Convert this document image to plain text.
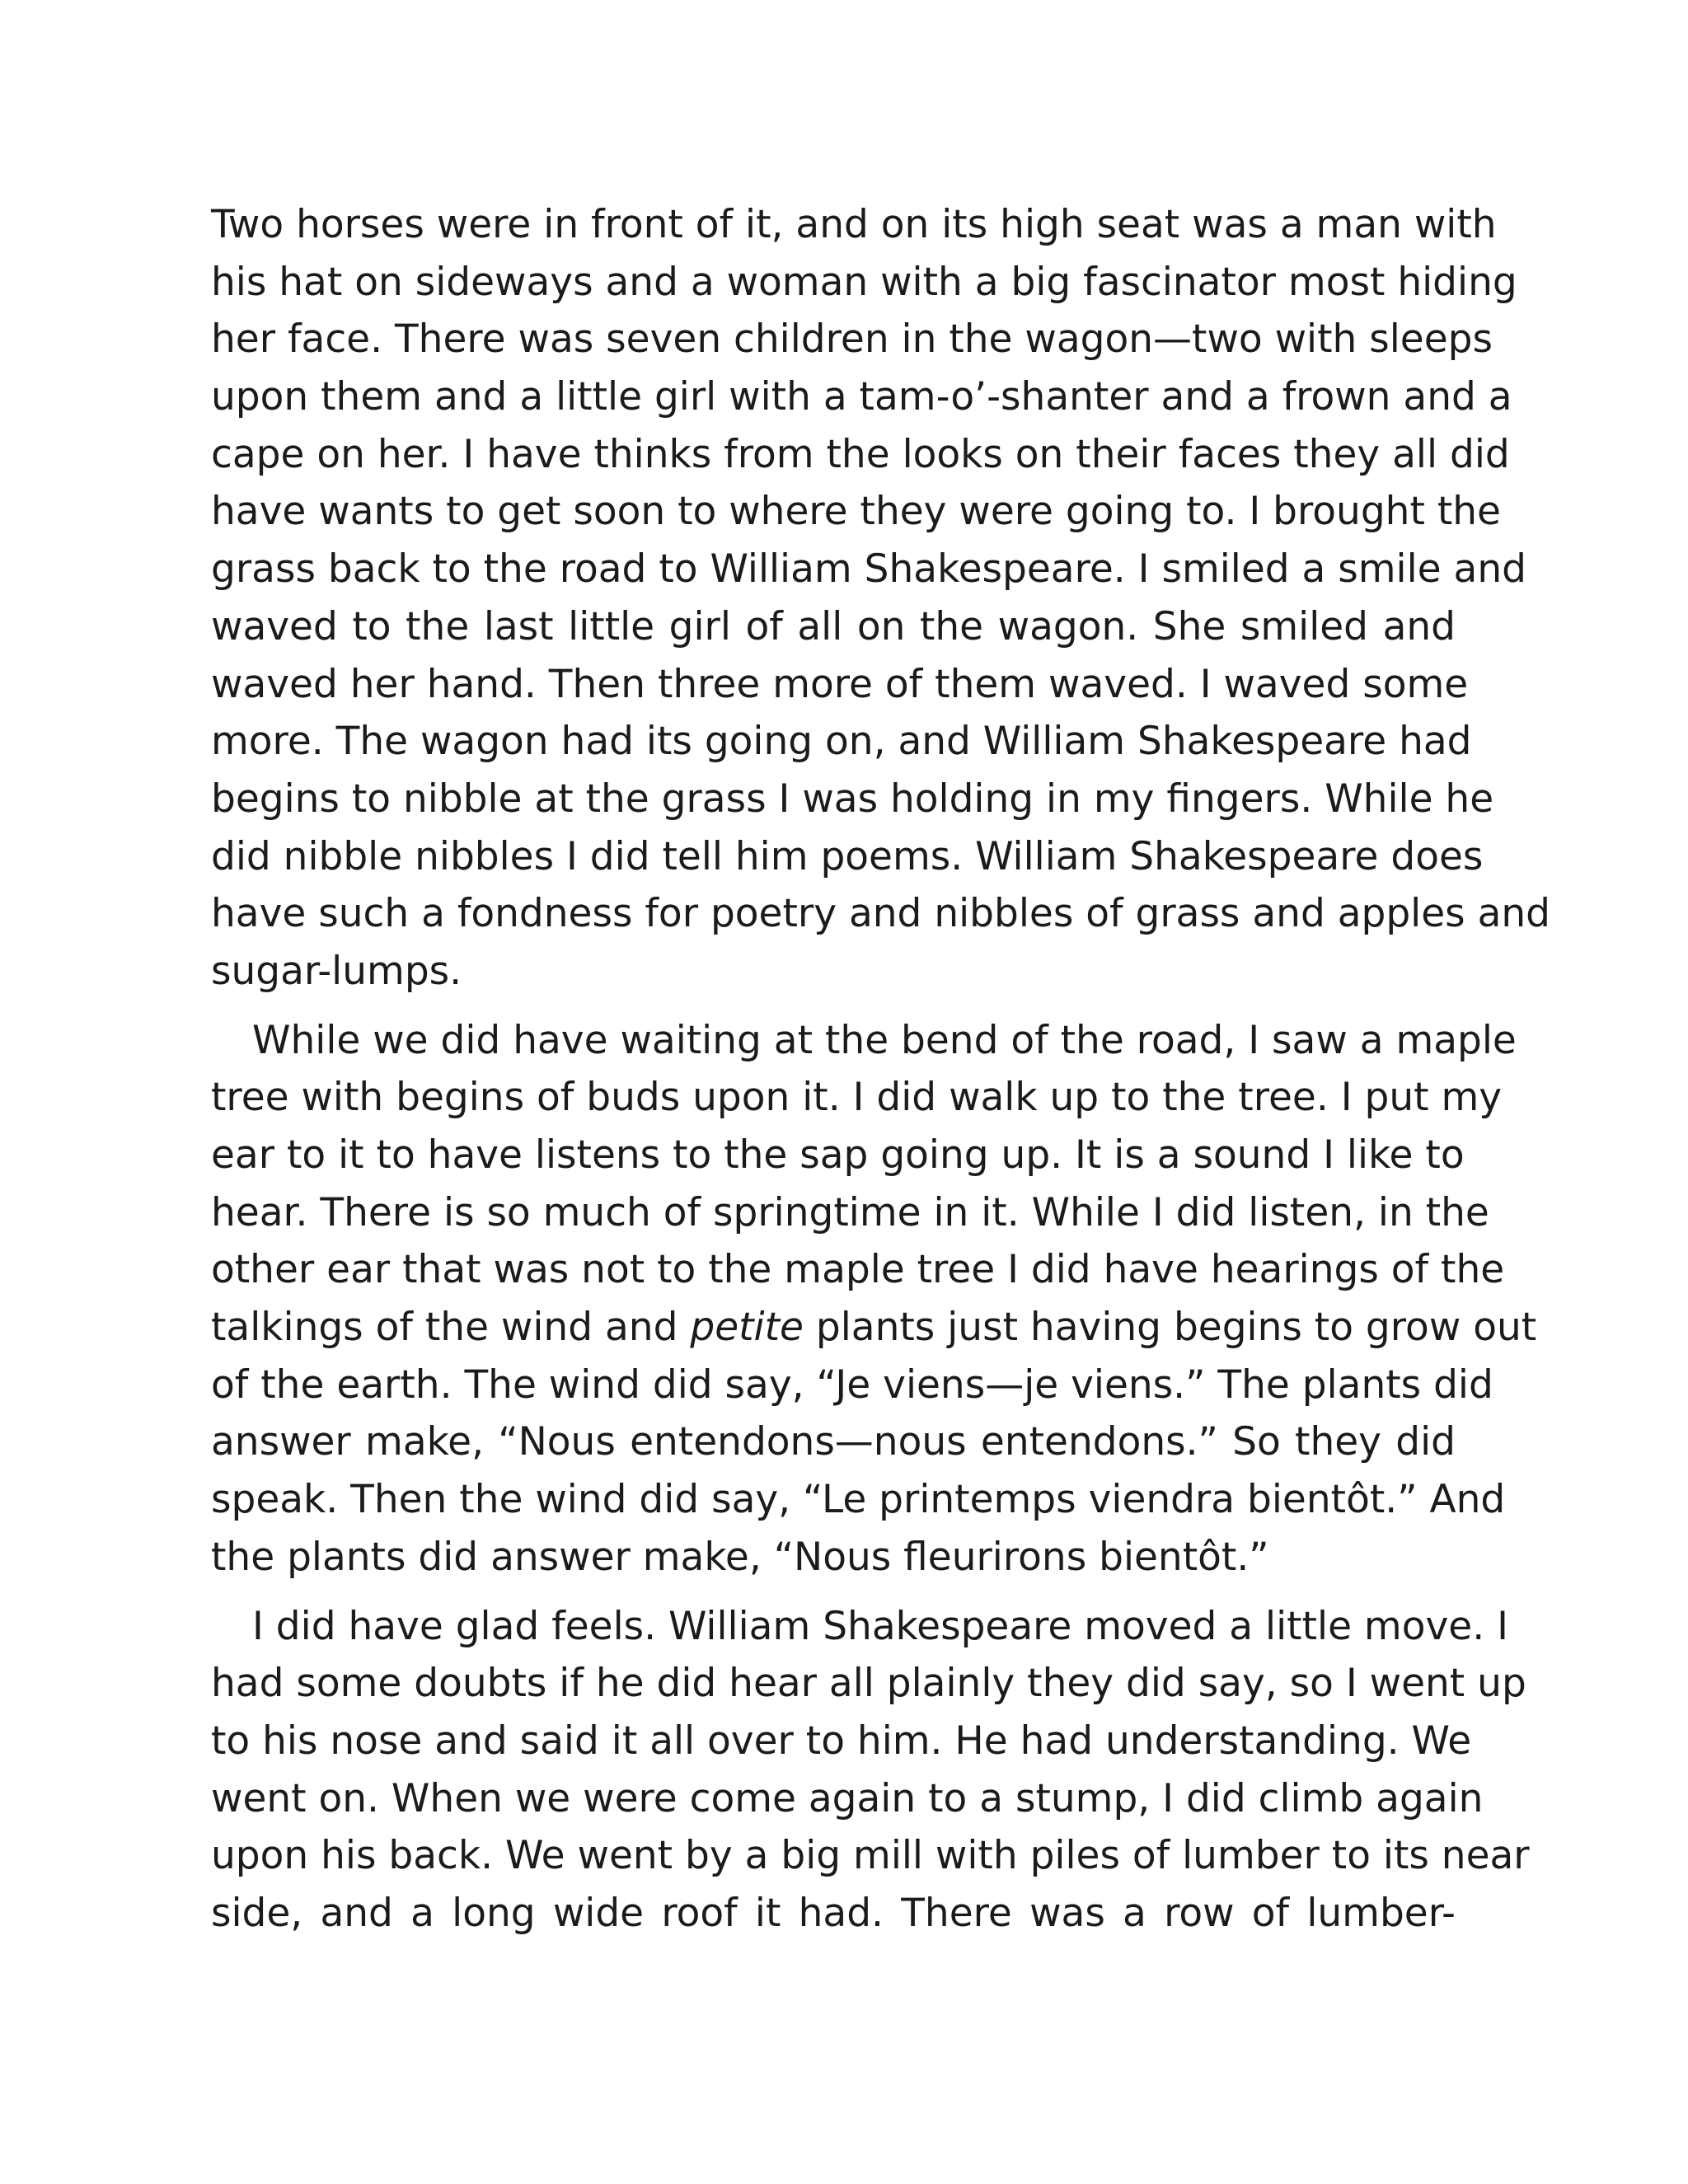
Two horses were in front of it, and on its high seat was a man with
his hat on sideways and a woman with a big fascinator most hiding
her face. There was seven children in the wagon—two with sleeps
upon them and a little girl with a tam-o’-shanter and a frown and a
cape on her. I have thinks from the looks on their faces they all did
have wants to get soon to where they were going to. I brought the
grass back to the road to William Shakespeare. I smiled a smile and
waved to the last little girl of all on the wagon. She smiled and
waved her hand. Then three more of them waved. I waved some
more. The wagon had its going on, and William Shakespeare had
begins to nibble at the grass I was holding in my fingers. While he
did nibble nibbles I did tell him poems. William Shakespeare does
have such a fondness for poetry and nibbles of grass and apples and
sugar-lumps.
While we did have waiting at the bend of the road, I saw a maple
tree with begins of buds upon it. I did walk up to the tree. I put my
ear to it to have listens to the sap going up. It is a sound I like to
hear. There is so much of springtime in it. While I did listen, in the
other ear that was not to the maple tree I did have hearings of the
talkings of the wind and petite plants just having begins to grow out
of the earth. The wind did say, “Je viens—je viens.” The plants did
answer make, “Nous entendons—nous entendons.” So they did
speak. Then the wind did say, “Le printemps viendra bientôt.” And
the plants did answer make, “Nous fleurirons bientôt.”
I did have glad feels. William Shakespeare moved a little move. I
had some doubts if he did hear all plainly they did say, so I went up
to his nose and said it all over to him. He had understanding. We
went on. When we were come again to a stump, I did climb again
upon his back. We went by a big mill with piles of lumber to its near
side, and a long wide roof it had. There was a row of lumber-
